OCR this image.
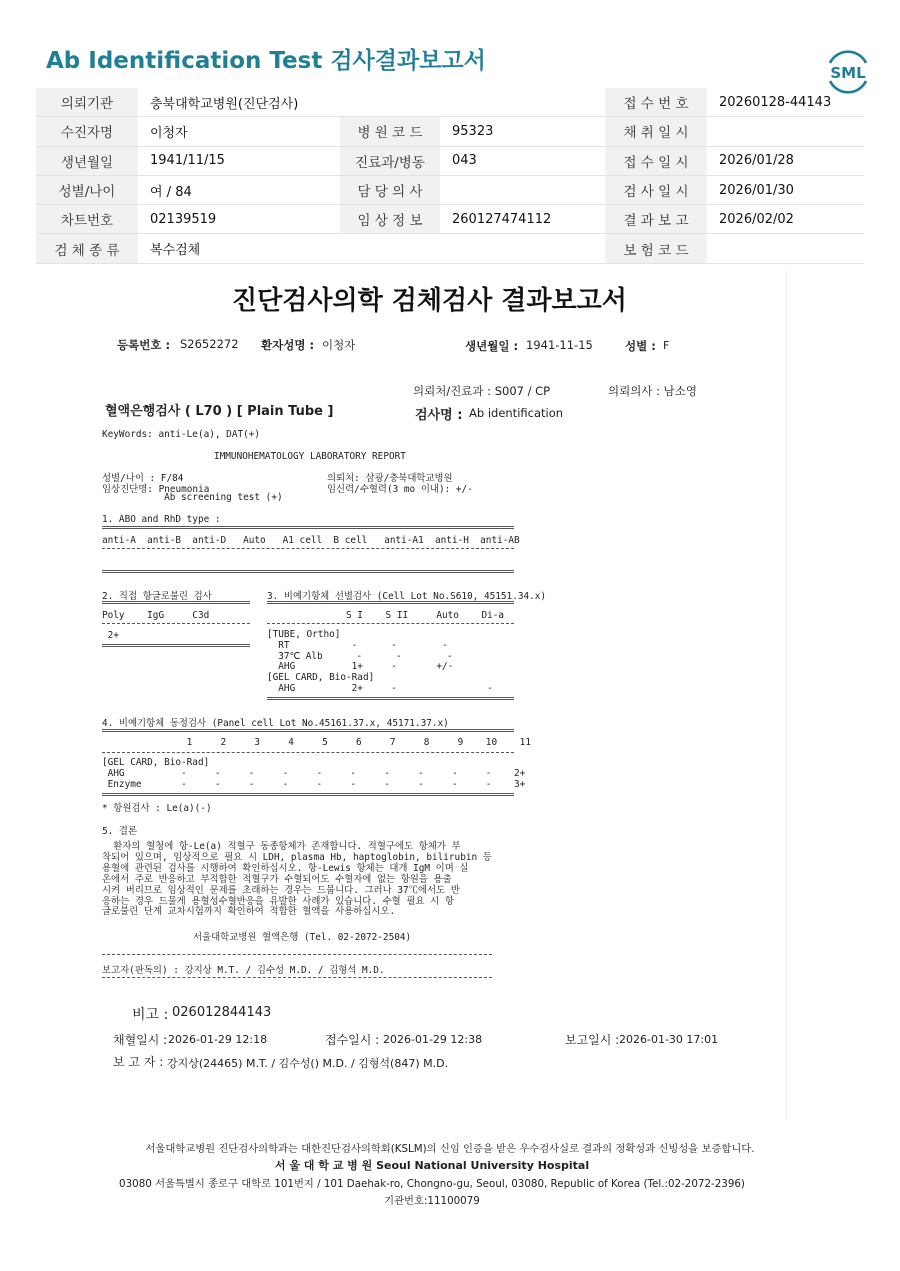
Ab Identification Test 검사결과보고서

	SML

의뢰기관	충북대학교병원(진단검사)			접 수 번 호	20260128-44143
수진자명	이청자	병 원 코 드	95323	채 취 일 시	
생년월일	1941/11/15	진료과/병동	043	접 수 일 시	2026/01/28
성별/나이	여 / 84	담 당 의 사		검 사 일 시	2026/01/30
차트번호	02139519	임 상 정 보	260127474112	결 과 보 고	2026/02/02
검 체 종 류	복수검체			보 험 코 드	
진단검사의학 검체검사 결과보고서
등록번호 : S2652272 환자성명 : 이청자	생년월일 : 1941-11-15	성별 : F
의뢰처/진료과 : S007 / CP	의뢰의사 : 남소영
검사명 : Ab identification
혈액은행검사 ( L70 ) [ Plain Tube ]
KeyWords: anti-Le(a), DAT(+)
IMMUNOHEMATOLOGY LABORATORY REPORT
성별/나이 : F/84
임상진단명: Pneumonia
Ab screening test (+)
의뢰처: 삼광/충북대학교병원
임신력/수혈력(3 mo 이내): +/-
1. ABO and RhD type :
anti-A  anti-B  anti-D   Auto   A1 cell  B cell   anti-A1  anti-H  anti-AB
2. 직접 항글로불린 검사
Poly    IgG     C3d
2+
3. 비예기항체 선별검사 (Cell Lot No.S610, 45151.34.x)
S I    S II     Auto    Di-a
[TUBE, Ortho]
RT           -      -        -
37℃ Alb      -      -        -
AHG          1+     -       +/-
[GEL CARD, Bio-Rad]
AHG          2+     -                -
4. 비예기항체 동정검사 (Panel cell Lot No.45161.37.x, 45171.37.x)
1     2     3     4     5     6     7     8     9    10    11
[GEL CARD, Bio-Rad]
AHG          -     -     -     -     -     -     -     -     -     -    2+
Enzyme       -     -     -     -     -     -     -     -     -     -    3+
* 항원검사 : Le(a)(-)
5. 결론
환자의 혈청에 항-Le(a) 적혈구 동종항체가 존재합니다. 적혈구에도 항체가 부
착되어 있으며, 임상적으로 필요 시 LDH, plasma Hb, haptoglobin, bilirubin 등
용혈에 관련된 검사를 시행하여 확인하십시오. 항-Lewis 항체는 대개 IgM 이며 실
온에서 주로 반응하고 부적합한 적혈구가 수혈되어도 수혈자에 없는 항원을 용출
시켜 버리므로 임상적인 문제를 초래하는 경우는 드뭅니다. 그러나 37℃에서도 반
응하는 경우 드물게 용혈성수혈반응을 유발한 사례가 있습니다. 수혈 필요 시 항
글로불린 단계 교차시험까지 확인하여 적합한 혈액을 사용하십시오.
서울대학교병원 혈액은행 (Tel. 02-2072-2504)
보고자(판독의) : 강지상 M.T. / 김수성 M.D. / 김형석 M.D.
비고 : 026012844143
채혈일시 : 2026-01-29 12:18	접수일시 : 2026-01-29 12:38	보고일시 : 2026-01-30 17:01
보 고 자 : 강지상(24465) M.T. / 김수성() M.D. / 김형석(847) M.D.
서울대학교병원 진단검사의학과는 대한진단검사의학회(KSLM)의 신임 인증을 받은 우수검사실로 결과의 정확성과 신빙성을 보증합니다.
서 울 대 학 교 병 원 Seoul National University Hospital
03080 서울특별시 종로구 대학로 101번지 / 101 Daehak-ro, Chongno-gu, Seoul, 03080, Republic of Korea (Tel.:02-2072-2396)
기관번호:11100079
